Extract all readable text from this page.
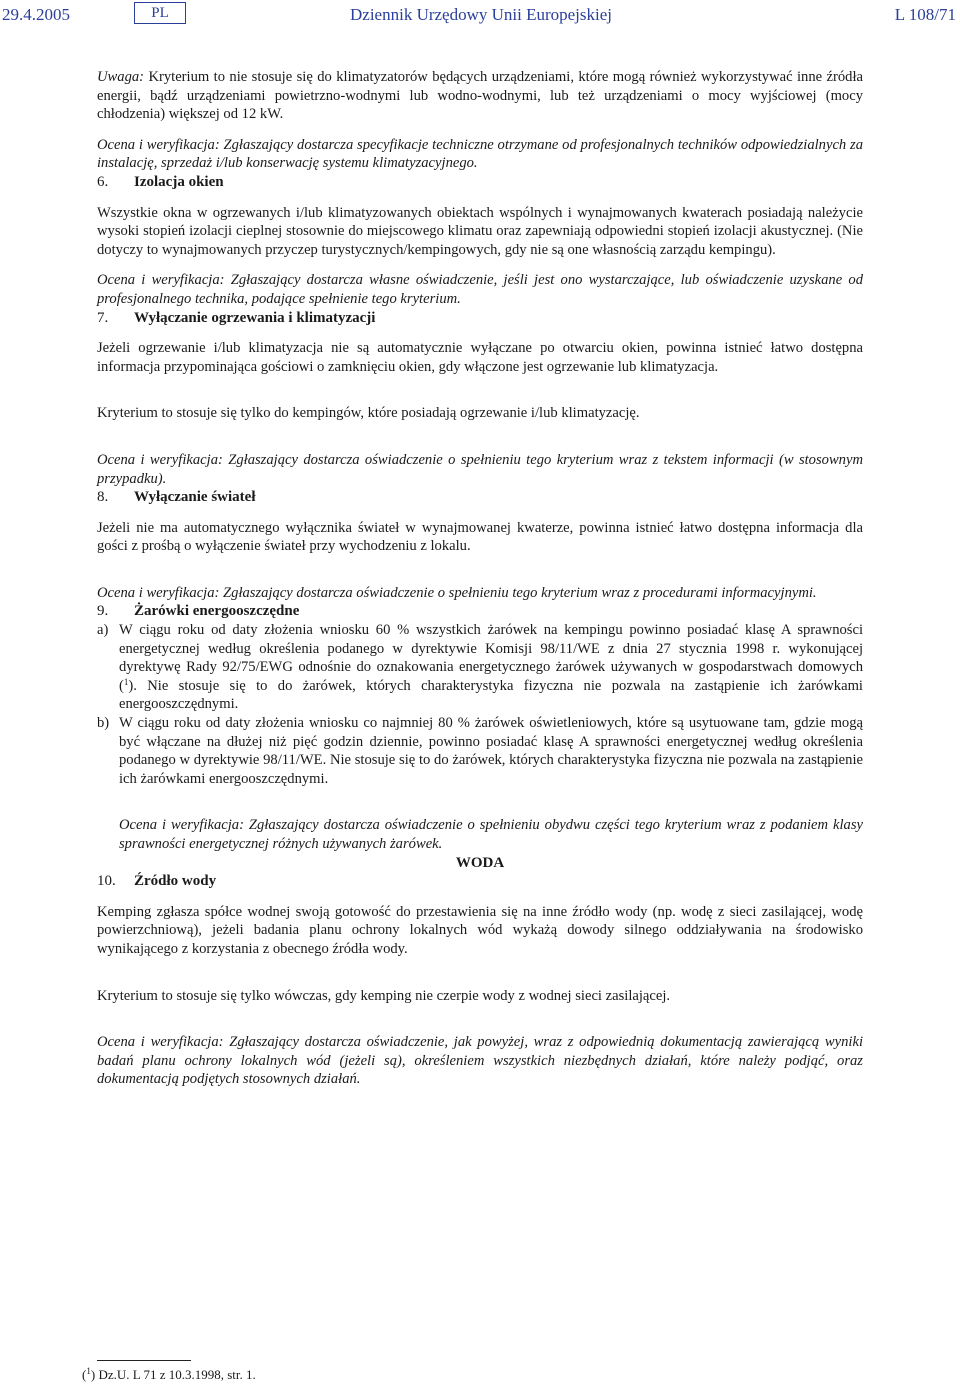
29.4.2005	PL	Dziennik Urzędowy Unii Europejskiej	L 108/71

Uwaga: Kryterium to nie stosuje się do klimatyzatorów będących urządzeniami, które mogą również wykorzystywać inne źródła energii, bądź urządzeniami powietrzno-wodnymi lub wodno-wodnymi, lub też urządzeniami o mocy wyjściowej (mocy chłodzenia) większej od 12 kW.

Ocena i weryfikacja: Zgłaszający dostarcza specyfikacje techniczne otrzymane od profesjonalnych techników odpowiedzialnych za instalację, sprzedaż i/lub konserwację systemu klimatyzacyjnego.

6.	Izolacja okien

Wszystkie okna w ogrzewanych i/lub klimatyzowanych obiektach wspólnych i wynajmowanych kwaterach posiadają należycie wysoki stopień izolacji cieplnej stosownie do miejscowego klimatu oraz zapewniają odpowiedni stopień izolacji akustycznej. (Nie dotyczy to wynajmowanych przyczep turystycznych/kempingowych, gdy nie są one własnością zarządu kempingu).

Ocena i weryfikacja: Zgłaszający dostarcza własne oświadczenie, jeśli jest ono wystarczające, lub oświadczenie uzyskane od profesjonalnego technika, podające spełnienie tego kryterium.

7.	Wyłączanie ogrzewania i klimatyzacji

Jeżeli ogrzewanie i/lub klimatyzacja nie są automatycznie wyłączane po otwarciu okien, powinna istnieć łatwo dostępna informacja przypominająca gościowi o zamknięciu okien, gdy włączone jest ogrzewanie lub klimatyzacja.

Kryterium to stosuje się tylko do kempingów, które posiadają ogrzewanie i/lub klimatyzację.

Ocena i weryfikacja: Zgłaszający dostarcza oświadczenie o spełnieniu tego kryterium wraz z tekstem informacji (w stosownym przypadku).

8.	Wyłączanie świateł

Jeżeli nie ma automatycznego wyłącznika świateł w wynajmowanej kwaterze, powinna istnieć łatwo dostępna informacja dla gości z prośbą o wyłączenie świateł przy wychodzeniu z lokalu.

Ocena i weryfikacja: Zgłaszający dostarcza oświadczenie o spełnieniu tego kryterium wraz z procedurami informacyjnymi.

9.	Żarówki energooszczędne

a) W ciągu roku od daty złożenia wniosku 60 % wszystkich żarówek na kempingu powinno posiadać klasę A sprawności energetycznej według określenia podanego w dyrektywie Komisji 98/11/WE z dnia 27 stycznia 1998 r. wykonującej dyrektywę Rady 92/75/EWG odnośnie do oznakowania energetycznego żarówek używanych w gospodarstwach domowych ($^1$). Nie stosuje się to do żarówek, których charakterystyka fizyczna nie pozwala na zastąpienie ich żarówkami energooszczędnymi.
b) W ciągu roku od daty złożenia wniosku co najmniej 80 % żarówek oświetleniowych, które są usytuowane tam, gdzie mogą być włączane na dłużej niż pięć godzin dziennie, powinno posiadać klasę A sprawności energetycznej według określenia podanego w dyrektywie 98/11/WE. Nie stosuje się to do żarówek, których charakterystyka fizyczna nie pozwala na zastąpienie ich żarówkami energooszczędnymi.

Ocena i weryfikacja: Zgłaszający dostarcza oświadczenie o spełnieniu obydwu części tego kryterium wraz z podaniem klasy sprawności energetycznej różnych używanych żarówek.

WODA

10.	Źródło wody

Kemping zgłasza spółce wodnej swoją gotowość do przestawienia się na inne źródło wody (np. wodę z sieci zasilającej, wodę powierzchniową), jeżeli badania planu ochrony lokalnych wód wykażą dowody silnego oddziaływania na środowisko wynikającego z korzystania z obecnego źródła wody.

Kryterium to stosuje się tylko wówczas, gdy kemping nie czerpie wody z wodnej sieci zasilającej.

Ocena i weryfikacja: Zgłaszający dostarcza oświadczenie, jak powyżej, wraz z odpowiednią dokumentacją zawierającą wyniki badań planu ochrony lokalnych wód (jeżeli są), określeniem wszystkich niezbędnych działań, które należy podjąć, oraz dokumentacją podjętych stosownych działań.

($^1$) Dz.U. L 71 z 10.3.1998, str. 1.
